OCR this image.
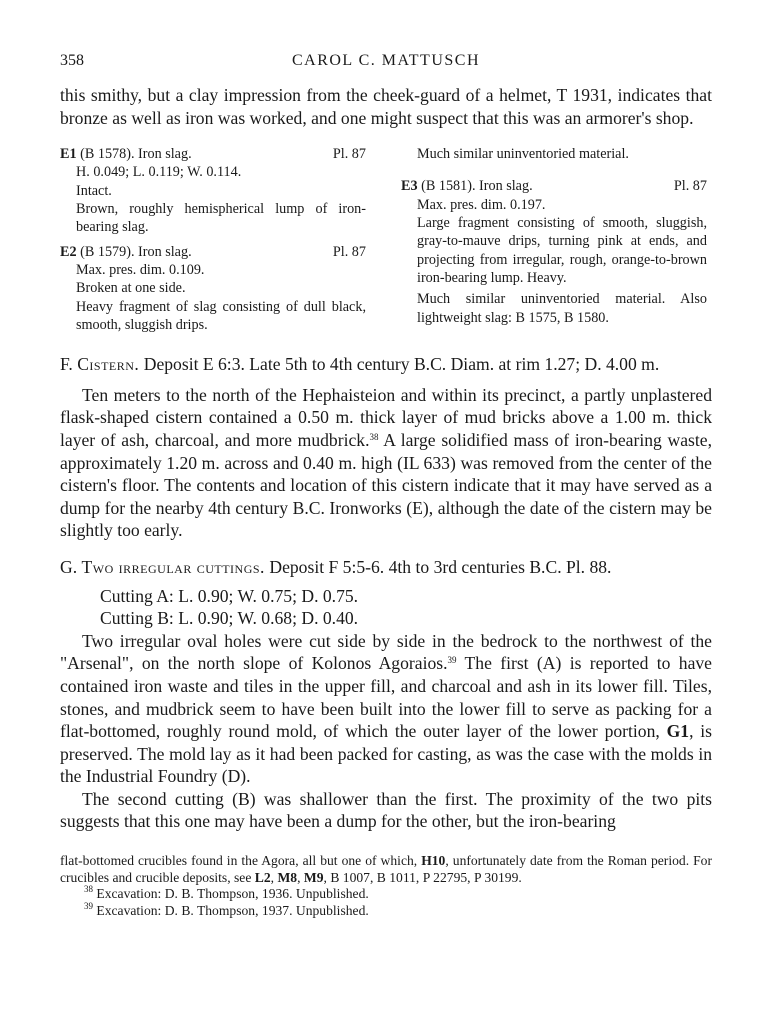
358	CAROL C. MATTUSCH

this smithy, but a clay impression from the cheek-guard of a helmet, T 1931, indicates that bronze as well as iron was worked, and one might suspect that this was an armorer's shop.

E1 (B 1578). Iron slag.	Pl. 87
H. 0.049; L. 0.119; W. 0.114.
Intact.

Brown, roughly hemispherical lump of iron-bearing slag.

E2 (B 1579). Iron slag.	Pl. 87
Max. pres. dim. 0.109.
Broken at one side.

Heavy fragment of slag consisting of dull black, smooth, sluggish drips.

Much similar uninventoried material.
E3 (B 1581). Iron slag.	Pl. 87
Max. pres. dim. 0.197.

Large fragment consisting of smooth, sluggish, gray-to-mauve drips, turning pink at ends, and projecting from irregular, rough, orange-to-brown iron-bearing lump. Heavy.

Much similar uninventoried material. Also lightweight slag: B 1575, B 1580.

F. Cistern. Deposit E 6:3. Late 5th to 4th century B.C. Diam. at rim 1.27; D. 4.00 m.

Ten meters to the north of the Hephaisteion and within its precinct, a partly unplastered flask-shaped cistern contained a 0.50 m. thick layer of mud bricks above a 1.00 m. thick layer of ash, charcoal, and more mudbrick.$^{38}$ A large solidified mass of iron-bearing waste, approximately 1.20 m. across and 0.40 m. high (IL 633) was removed from the center of the cistern's floor. The contents and location of this cistern indicate that it may have served as a dump for the nearby 4th century B.C. Ironworks (E), although the date of the cistern may be slightly too early.

G. Two irregular cuttings. Deposit F 5:5-6. 4th to 3rd centuries B.C. Pl. 88.

Cutting A: L. 0.90; W. 0.75; D. 0.75.
Cutting B: L. 0.90; W. 0.68; D. 0.40.

Two irregular oval holes were cut side by side in the bedrock to the northwest of the "Arsenal", on the north slope of Kolonos Agoraios.$^{39}$ The first (A) is reported to have contained iron waste and tiles in the upper fill, and charcoal and ash in its lower fill. Tiles, stones, and mudbrick seem to have been built into the lower fill to serve as packing for a flat-bottomed, roughly round mold, of which the outer layer of the lower portion, G1, is preserved. The mold lay as it had been packed for casting, as was the case with the molds in the Industrial Foundry (D).

The second cutting (B) was shallower than the first. The proximity of the two pits suggests that this one may have been a dump for the other, but the iron-bearing

flat-bottomed crucibles found in the Agora, all but one of which, H10, unfortunately date from the Roman period. For crucibles and crucible deposits, see L2, M8, M9, B 1007, B 1011, P 22795, P 30199.

$^{38}$ Excavation: D. B. Thompson, 1936. Unpublished.
$^{39}$ Excavation: D. B. Thompson, 1937. Unpublished.
